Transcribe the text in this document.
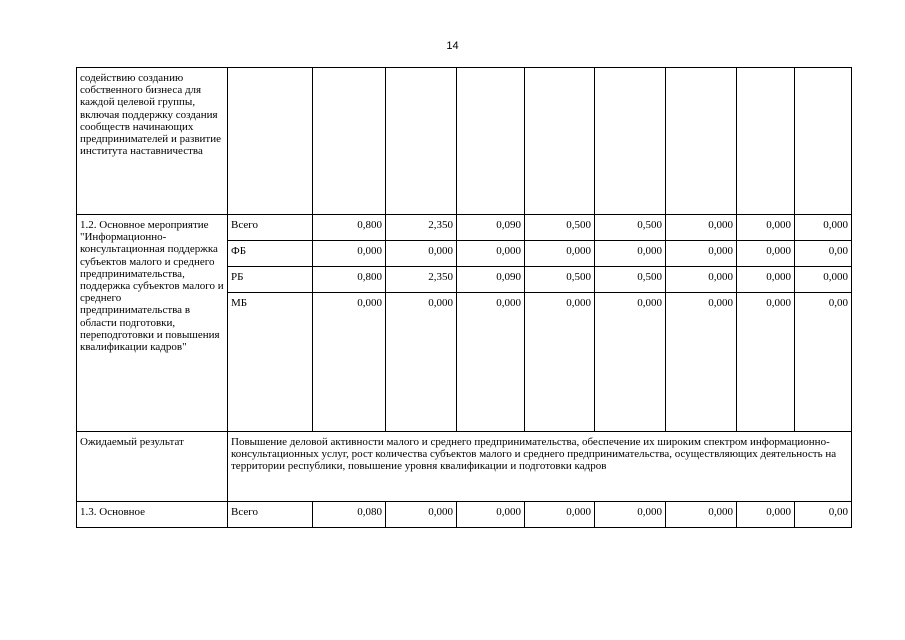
14
содействию созданию собственного бизнеса для каждой целевой группы, включая поддержку создания сообществ начинающих предпринимателей и развитие института наставничества									
1.2. Основное мероприятие "Информационно-консультационная поддержка субъектов малого и среднего предпринимательства, поддержка субъектов малого и среднего предпринимательства в области подготовки, переподготовки и повышения квалификации кадров"	Всего	0,800	2,350	0,090	0,500	0,500	0,000	0,000	0,000
	ФБ	0,000	0,000	0,000	0,000	0,000	0,000	0,000	0,00
	РБ	0,800	2,350	0,090	0,500	0,500	0,000	0,000	0,000
	МБ	0,000	0,000	0,000	0,000	0,000	0,000	0,000	0,00
Ожидаемый результат	Повышение деловой активности малого и среднего предпринимательства, обеспечение их широким спектром информационно-консультационных услуг, рост количества субъектов малого и среднего предпринимательства, осуществляющих деятельность на территории республики, повышение уровня квалификации и подготовки кадров								
1.3. Основное	Всего	0,080	0,000	0,000	0,000	0,000	0,000	0,000	0,00
